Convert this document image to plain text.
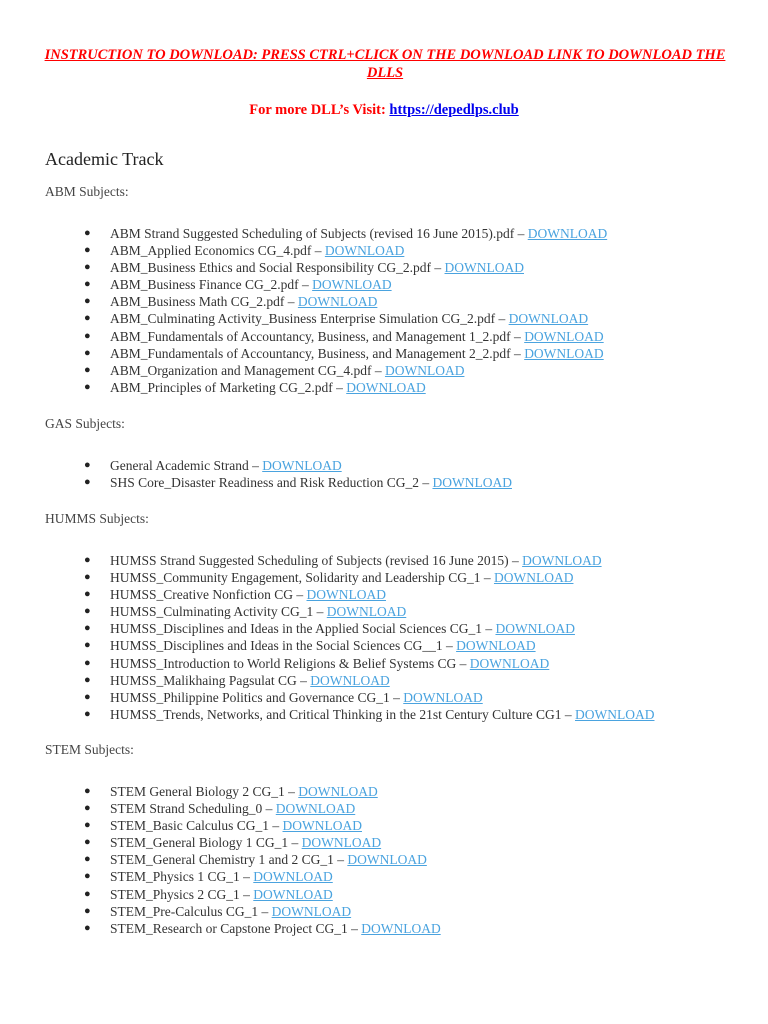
INSTRUCTION TO DOWNLOAD: PRESS CTRL+CLICK ON THE DOWNLOAD LINK TO DOWNLOAD THE DLLS
For more DLL’s Visit: https://depedlps.club
Academic Track
ABM Subjects:
● ABM Strand Suggested Scheduling of Subjects (revised 16 June 2015).pdf – DOWNLOAD
● ABM_Applied Economics CG_4.pdf – DOWNLOAD
● ABM_Business Ethics and Social Responsibility CG_2.pdf – DOWNLOAD
● ABM_Business Finance CG_2.pdf – DOWNLOAD
● ABM_Business Math CG_2.pdf – DOWNLOAD
● ABM_Culminating Activity_Business Enterprise Simulation CG_2.pdf – DOWNLOAD
● ABM_Fundamentals of Accountancy, Business, and Management 1_2.pdf – DOWNLOAD
● ABM_Fundamentals of Accountancy, Business, and Management 2_2.pdf – DOWNLOAD
● ABM_Organization and Management CG_4.pdf – DOWNLOAD
● ABM_Principles of Marketing CG_2.pdf – DOWNLOAD
GAS Subjects:
● General Academic Strand – DOWNLOAD
● SHS Core_Disaster Readiness and Risk Reduction CG_2 – DOWNLOAD
HUMMS Subjects:
● HUMSS Strand Suggested Scheduling of Subjects (revised 16 June 2015) – DOWNLOAD
● HUMSS_Community Engagement, Solidarity and Leadership CG_1 – DOWNLOAD
● HUMSS_Creative Nonfiction CG – DOWNLOAD
● HUMSS_Culminating Activity CG_1 – DOWNLOAD
● HUMSS_Disciplines and Ideas in the Applied Social Sciences CG_1 – DOWNLOAD
● HUMSS_Disciplines and Ideas in the Social Sciences CG__1 – DOWNLOAD
● HUMSS_Introduction to World Religions & Belief Systems CG – DOWNLOAD
● HUMSS_Malikhaing Pagsulat CG – DOWNLOAD
● HUMSS_Philippine Politics and Governance CG_1 – DOWNLOAD
● HUMSS_Trends, Networks, and Critical Thinking in the 21st Century Culture CG1 – DOWNLOAD
STEM Subjects:
● STEM General Biology 2 CG_1 – DOWNLOAD
● STEM Strand Scheduling_0 – DOWNLOAD
● STEM_Basic Calculus CG_1 – DOWNLOAD
● STEM_General Biology 1 CG_1 – DOWNLOAD
● STEM_General Chemistry 1 and 2 CG_1 – DOWNLOAD
● STEM_Physics 1 CG_1 – DOWNLOAD
● STEM_Physics 2 CG_1 – DOWNLOAD
● STEM_Pre-Calculus CG_1 – DOWNLOAD
● STEM_Research or Capstone Project CG_1 – DOWNLOAD
